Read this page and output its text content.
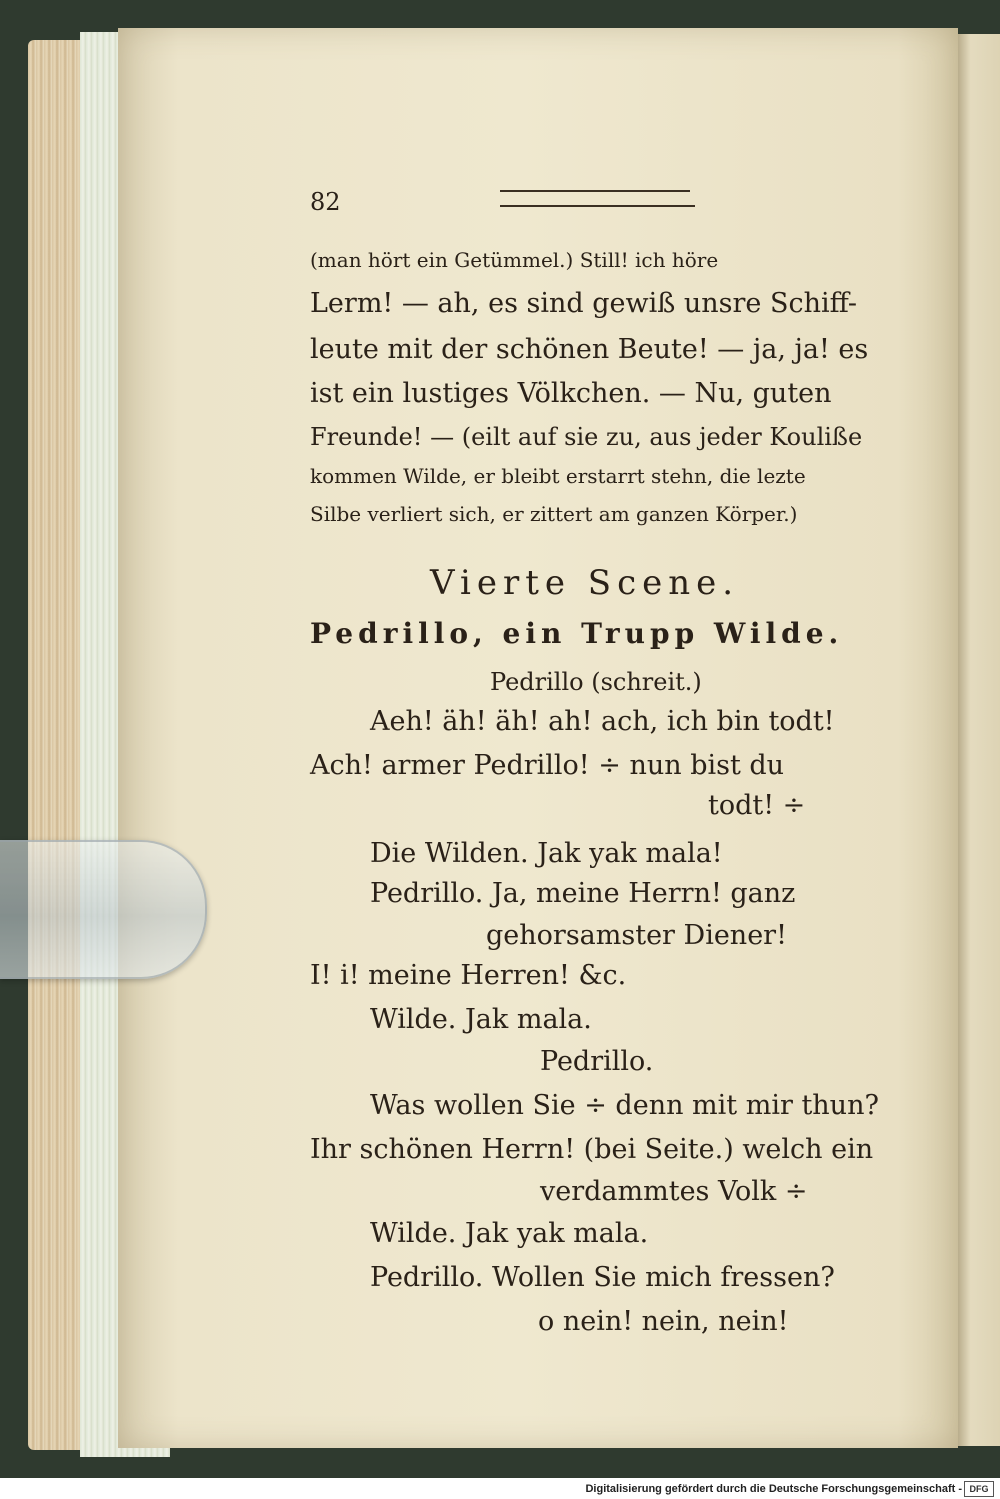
82
(man hört ein Getümmel.) Still! ich höre
Lerm! — ah, es sind gewiß unsre Schiff-
leute mit der schönen Beute! — ja, ja! es
ist ein lustiges Völkchen. — Nu, guten
Freunde! — (eilt auf sie zu, aus jeder Kouliße
kommen Wilde, er bleibt erstarrt stehn, die lezte
Silbe verliert sich, er zittert am ganzen Körper.)
Vierte Scene.
Pedrillo, ein Trupp Wilde.
Pedrillo (schreit.)
Aeh! äh! äh! ah! ach, ich bin todt!
Ach! armer Pedrillo! ÷ nun bist du
todt! ÷
Die Wilden. Jak yak mala!
Pedrillo. Ja, meine Herrn! ganz
gehorsamster Diener!
I! i! meine Herren! &c.
Wilde. Jak mala.
Pedrillo.
Was wollen Sie ÷ denn mit mir thun?
Ihr schönen Herrn! (bei Seite.) welch ein
verdammtes Volk ÷
Wilde. Jak yak mala.
Pedrillo. Wollen Sie mich fressen?
o nein! nein, nein!
Digitalisierung gefördert durch die Deutsche Forschungsgemeinschaft - DFG
